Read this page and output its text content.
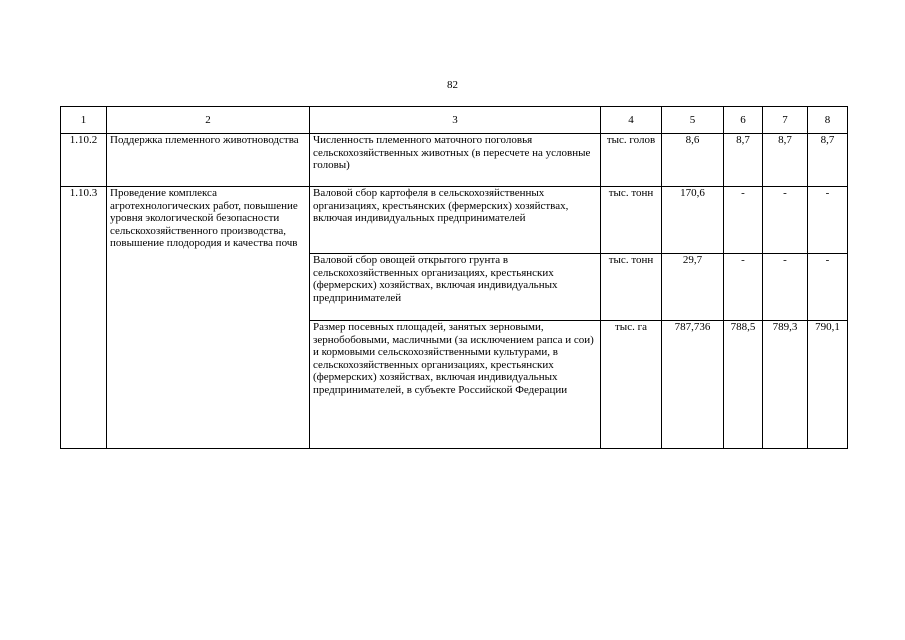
82
1	2	3	4	5	6	7	8
1.10.2	Поддержка племенного животноводства	Численность племенного маточного поголовья сельскохозяйственных животных (в пересчете на условные головы)	тыс. голов	8,6	8,7	8,7	8,7
1.10.3	Проведение комплекса агротехнологических работ, повышение уровня экологической безопасности сельскохозяйственного производства, повышение плодородия и качества почв	Валовой сбор картофеля в сельскохозяйственных организациях, крестьянских (фермерских) хозяйствах, включая индивидуальных предпринимателей	тыс. тонн	170,6	-	-	-
		Валовой сбор овощей открытого грунта в сельскохозяйственных организациях, крестьянских (фермерских) хозяйствах, включая индивидуальных предпринимателей	тыс. тонн	29,7	-	-	-
		Размер посевных площадей, занятых зерновыми, зернобобовыми, масличными (за исключением рапса и сои) и кормовыми сельскохозяйственными культурами, в сельскохозяйственных организациях, крестьянских (фермерских) хозяйствах, включая индивидуальных предпринимателей, в субъекте Российской Федерации	тыс. га	787,736	788,5	789,3	790,1
